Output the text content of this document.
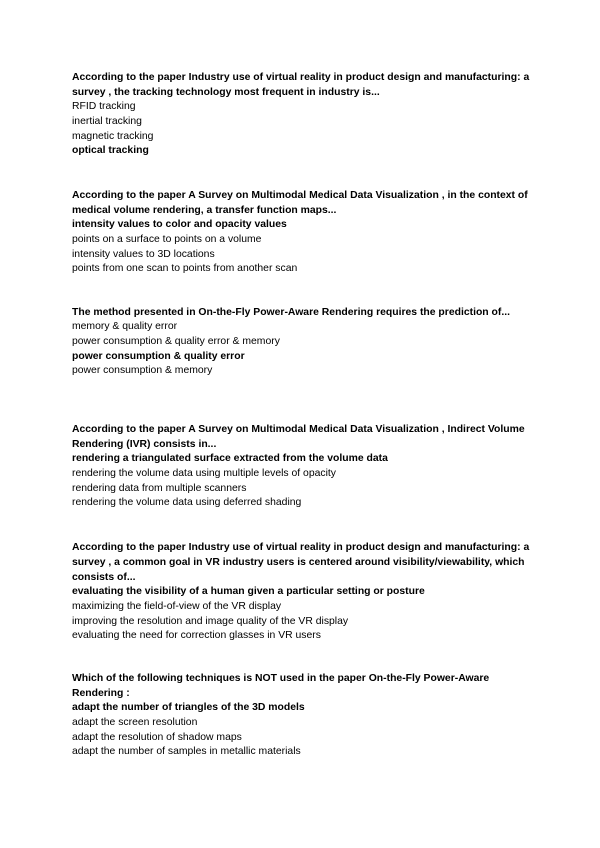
According to the paper Industry use of virtual reality in product design and manufacturing: a survey , the tracking technology most frequent in industry is...

RFID tracking
inertial tracking
magnetic tracking
optical tracking

According to the paper A Survey on Multimodal Medical Data Visualization , in the context of medical volume rendering, a transfer function maps...

intensity values to color and opacity values
points on a surface to points on a volume
intensity values to 3D locations
points from one scan to points from another scan

The method presented in On-the-Fly Power-Aware Rendering requires the prediction of...

memory & quality error
power consumption & quality error & memory
power consumption & quality error
power consumption & memory

According to the paper A Survey on Multimodal Medical Data Visualization , Indirect Volume Rendering (IVR) consists in...

rendering a triangulated surface extracted from the volume data
rendering the volume data using multiple levels of opacity
rendering data from multiple scanners
rendering the volume data using deferred shading

According to the paper Industry use of virtual reality in product design and manufacturing: a survey , a common goal in VR industry users is centered around visibility/viewability, which consists of...

evaluating the visibility of a human given a particular setting or posture
maximizing the field-of-view of the VR display
improving the resolution and image quality of the VR display
evaluating the need for correction glasses in VR users

Which of the following techniques is NOT used in the paper On-the-Fly Power-Aware Rendering :

adapt the number of triangles of the 3D models
adapt the screen resolution
adapt the resolution of shadow maps
adapt the number of samples in metallic materials
